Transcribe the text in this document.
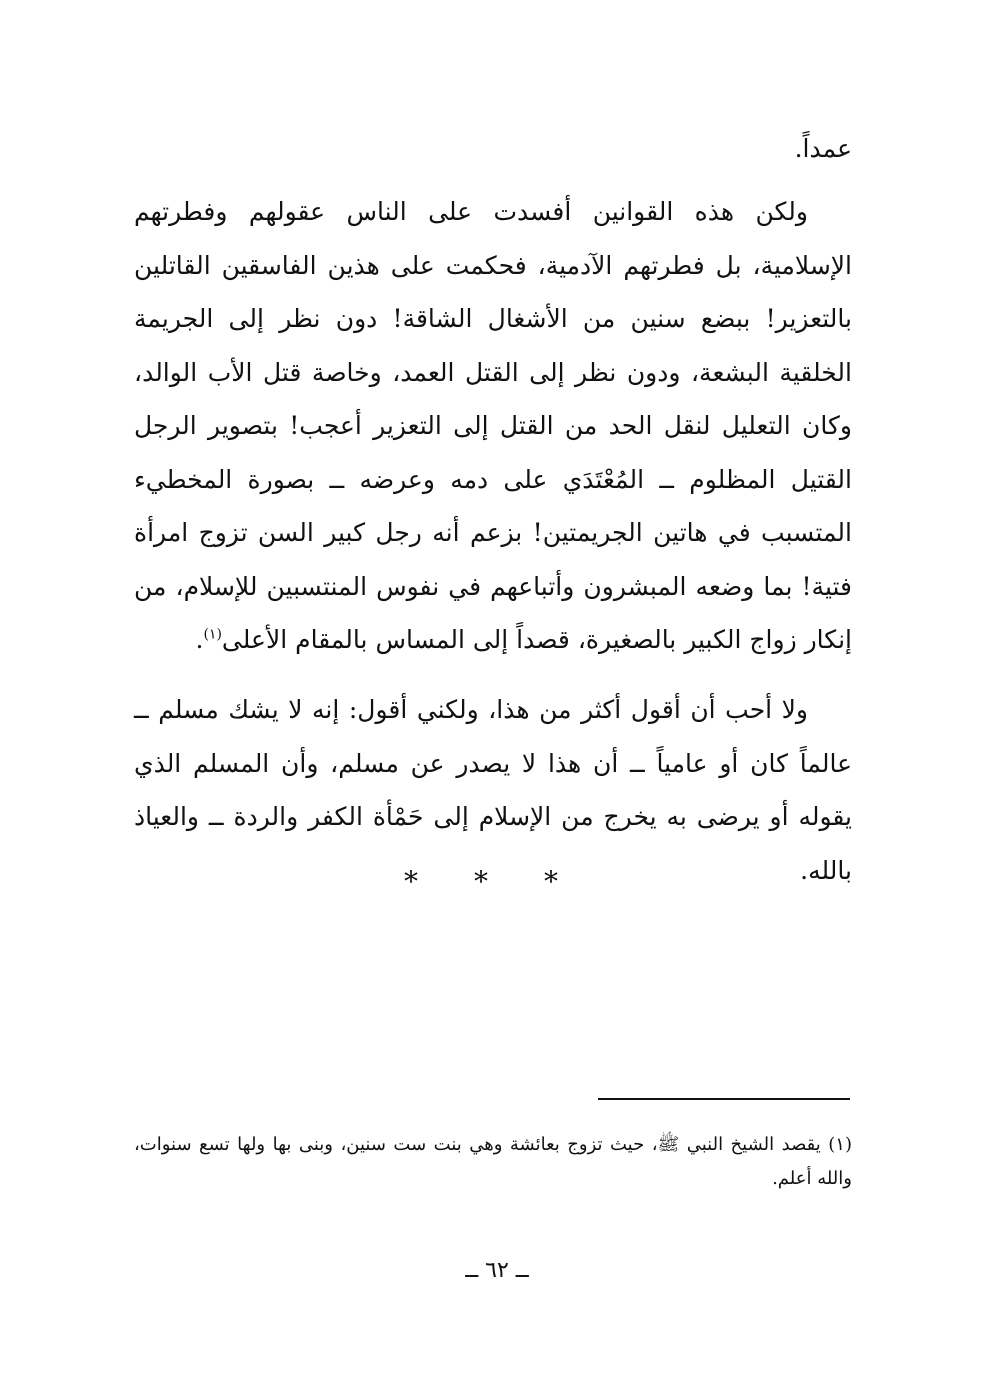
عمداً.

ولكن هذه القوانين أفسدت على الناس عقولهم وفطرتهم الإسلامية، بل فطرتهم الآدمية، فحكمت على هذين الفاسقين القاتلين بالتعزير! ببضع سنين من الأشغال الشاقة! دون نظر إلى الجريمة الخلقية البشعة، ودون نظر إلى القتل العمد، وخاصة قتل الأب الوالد، وكان التعليل لنقل الحد من القتل إلى التعزير أعجب! بتصوير الرجل القتيل المظلوم ــ المُعْتَدَي على دمه وعرضه ــ بصورة المخطيء المتسبب في هاتين الجريمتين! بزعم أنه رجل كبير السن تزوج امرأة فتية! بما وضعه المبشرون وأتباعهم في نفوس المنتسبين للإسلام، من إنكار زواج الكبير بالصغيرة، قصداً إلى المساس بالمقام الأعلى$^{(١)}$.

ولا أحب أن أقول أكثر من هذا، ولكني أقول: إنه لا يشك مسلم ــ عالماً كان أو عامياً ــ أن هذا لا يصدر عن مسلم، وأن المسلم الذي يقوله أو يرضى به يخرج من الإسلام إلى حَمْأة الكفر والردة ــ والعياذ بالله.

* * *

(١) يقصد الشيخ النبي ﷺ، حيث تزوج بعائشة وهي بنت ست سنين، وبنى بها ولها تسع سنوات، والله أعلم.

ــ ٦٢ ــ
